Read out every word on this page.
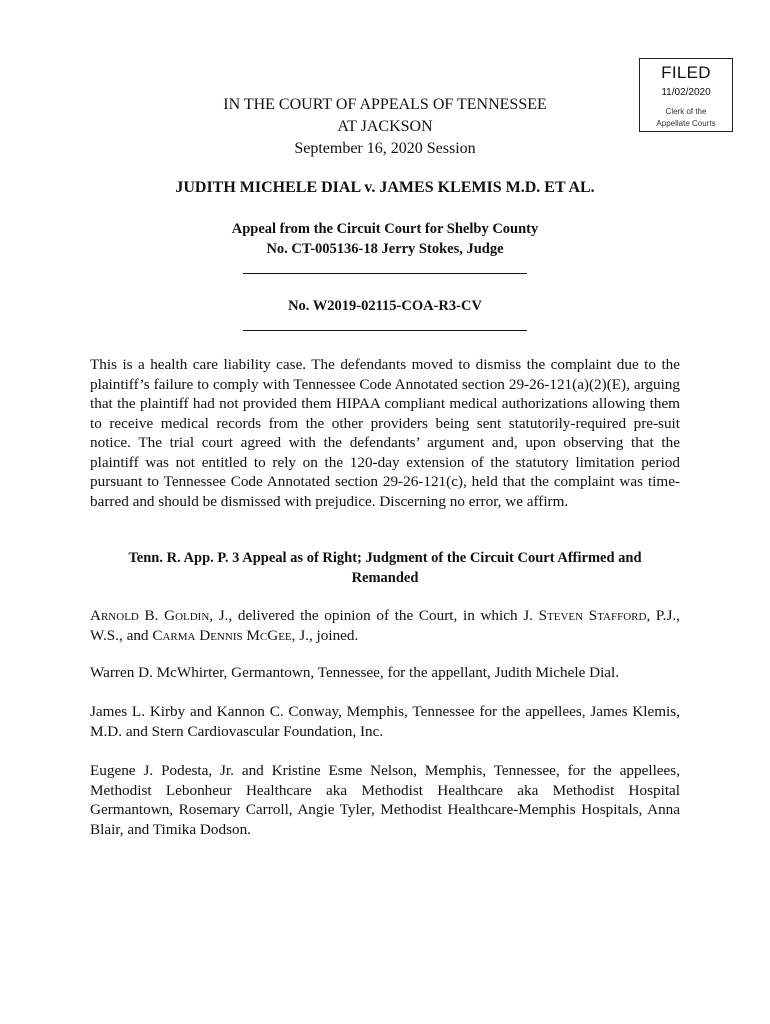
FILED
11/02/2020
Clerk of the
Appellate Courts
IN THE COURT OF APPEALS OF TENNESSEE
AT JACKSON
September 16, 2020 Session
JUDITH MICHELE DIAL v. JAMES KLEMIS M.D. ET AL.
Appeal from the Circuit Court for Shelby County
No. CT-005136-18 Jerry Stokes, Judge
No. W2019-02115-COA-R3-CV
This is a health care liability case. The defendants moved to dismiss the complaint due to the plaintiff’s failure to comply with Tennessee Code Annotated section 29-26-121(a)(2)(E), arguing that the plaintiff had not provided them HIPAA compliant medical authorizations allowing them to receive medical records from the other providers being sent statutorily-required pre-suit notice. The trial court agreed with the defendants’ argument and, upon observing that the plaintiff was not entitled to rely on the 120-day extension of the statutory limitation period pursuant to Tennessee Code Annotated section 29-26-121(c), held that the complaint was time-barred and should be dismissed with prejudice. Discerning no error, we affirm.
Tenn. R. App. P. 3 Appeal as of Right; Judgment of the Circuit Court Affirmed and
Remanded
Arnold B. Goldin, J., delivered the opinion of the Court, in which J. Steven Stafford, P.J., W.S., and Carma Dennis McGee, J., joined.
Warren D. McWhirter, Germantown, Tennessee, for the appellant, Judith Michele Dial.
James L. Kirby and Kannon C. Conway, Memphis, Tennessee for the appellees, James Klemis, M.D. and Stern Cardiovascular Foundation, Inc.
Eugene J. Podesta, Jr. and Kristine Esme Nelson, Memphis, Tennessee, for the appellees, Methodist Lebonheur Healthcare aka Methodist Healthcare aka Methodist Hospital Germantown, Rosemary Carroll, Angie Tyler, Methodist Healthcare-Memphis Hospitals, Anna Blair, and Timika Dodson.
